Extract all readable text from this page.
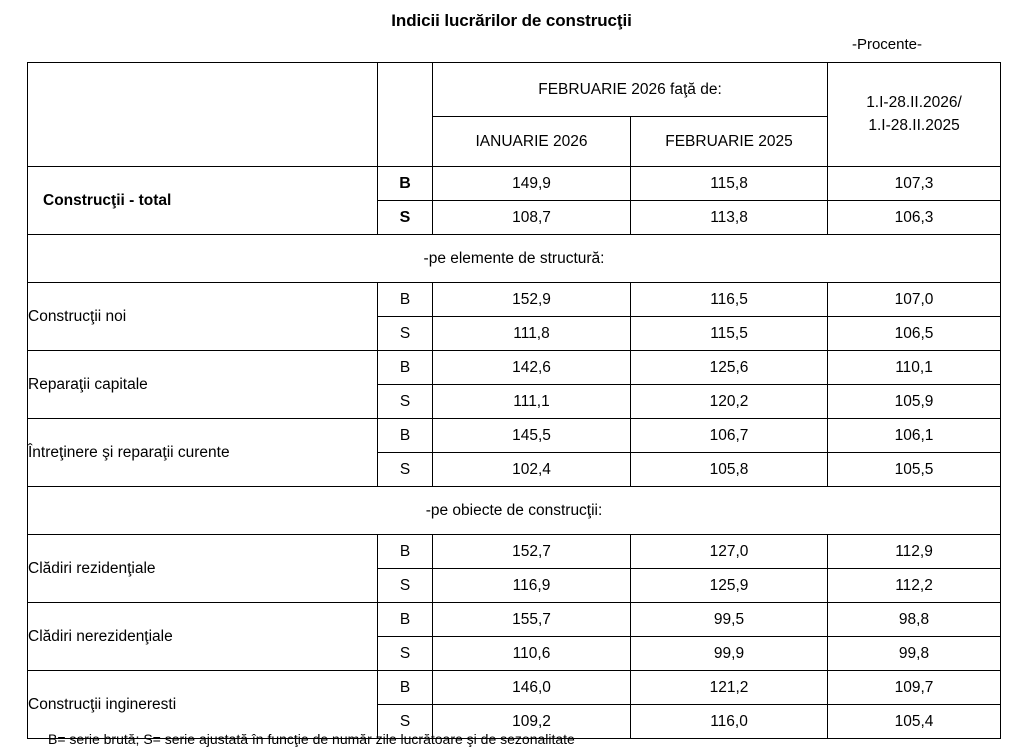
Indicii lucrărilor de construcţii
-Procente-
		FEBRUARIE 2026 faţă de:		1.I-28.II.2026/
1.I-28.II.2025
		IANUARIE 2026	FEBRUARIE 2025	
Construcţii - total	B	149,9	115,8	107,3
	S	108,7	113,8	106,3
-pe elemente de structură:				
Construcţii noi	B	152,9	116,5	107,0
	S	111,8	115,5	106,5
Reparaţii capitale	B	142,6	125,6	110,1
	S	111,1	120,2	105,9
Întreţinere şi reparaţii curente	B	145,5	106,7	106,1
	S	102,4	105,8	105,5
-pe obiecte de construcţii:				
Clădiri rezidenţiale	B	152,7	127,0	112,9
	S	116,9	125,9	112,2
Clădiri nerezidenţiale	B	155,7	99,5	98,8
	S	110,6	99,9	99,8
Construcţii ingineresti	B	146,0	121,2	109,7
	S	109,2	116,0	105,4
B= serie brută; S= serie ajustată în funcţie de număr zile lucrătoare şi de sezonalitate
